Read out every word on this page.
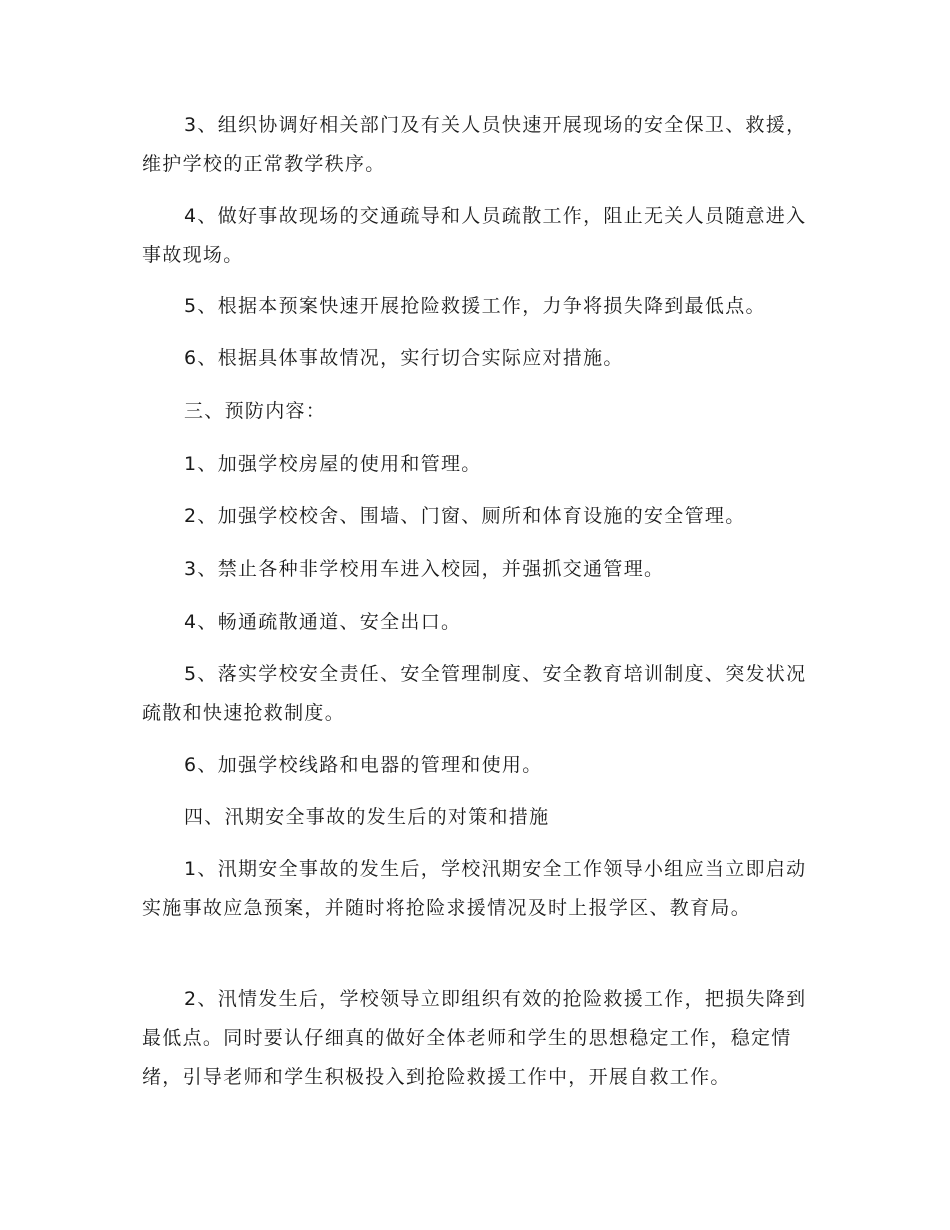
3、组织协调好相关部门及有关人员快速开展现场的安全保卫、救援，维护学校的正常教学秩序。

4、做好事故现场的交通疏导和人员疏散工作，阻止无关人员随意进入事故现场。

5、根据本预案快速开展抢险救援工作，力争将损失降到最低点。

6、根据具体事故情况，实行切合实际应对措施。

三、预防内容：

1、加强学校房屋的使用和管理。

2、加强学校校舍、围墙、门窗、厕所和体育设施的安全管理。

3、禁止各种非学校用车进入校园，并强抓交通管理。

4、畅通疏散通道、安全出口。

5、落实学校安全责任、安全管理制度、安全教育培训制度、突发状况疏散和快速抢救制度。

6、加强学校线路和电器的管理和使用。

四、汛期安全事故的发生后的对策和措施

1、汛期安全事故的发生后，学校汛期安全工作领导小组应当立即启动实施事故应急预案，并随时将抢险求援情况及时上报学区、教育局。

2、汛情发生后，学校领导立即组织有效的抢险救援工作，把损失降到最低点。同时要认仔细真的做好全体老师和学生的思想稳定工作，稳定情绪，引导老师和学生积极投入到抢险救援工作中，开展自救工作。
